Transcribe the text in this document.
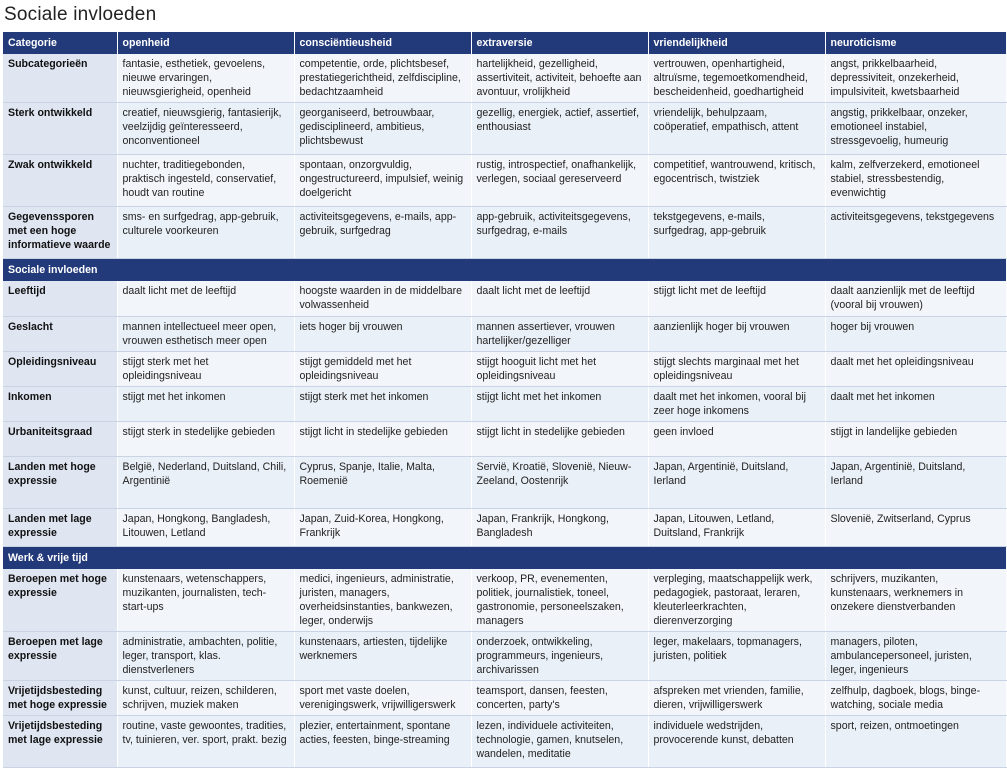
Sociale invloeden
Categorie	openheid	consciëntieusheid	extraversie	vriendelijkheid	neuroticisme
Subcategorieën	fantasie, esthetiek, gevoelens, nieuwe ervaringen, nieuwsgierigheid, openheid	competentie, orde, plichtsbesef, prestatiegerichtheid, zelfdiscipline, bedachtzaamheid	hartelijkheid, gezelligheid, assertiviteit, activiteit, behoefte aan avontuur, vrolijkheid	vertrouwen, openhartigheid, altruïsme, tegemoetkomendheid, bescheidenheid, goedhartigheid	angst, prikkelbaarheid, depressiviteit, onzekerheid, impulsiviteit, kwetsbaarheid
Sterk ontwikkeld	creatief, nieuwsgierig, fantasierijk, veelzijdig geïnteresseerd, onconventioneel	georganiseerd, betrouwbaar, gedisciplineerd, ambitieus, plichtsbewust	gezellig, energiek, actief, assertief, enthousiast	vriendelijk, behulpzaam, coöperatief, empathisch, attent	angstig, prikkelbaar, onzeker, emotioneel instabiel, stressgevoelig, humeurig
Zwak ontwikkeld	nuchter, traditiegebonden, praktisch ingesteld, conservatief, houdt van routine	spontaan, onzorgvuldig, ongestructureerd, impulsief, weinig doelgericht	rustig, introspectief, onafhankelijk, verlegen, sociaal gereserveerd	competitief, wantrouwend, kritisch, egocentrisch, twistziek	kalm, zelfverzekerd, emotioneel stabiel, stressbestendig, evenwichtig
Gegevenssporen met een hoge informatieve waarde	sms- en surfgedrag, app-gebruik, culturele voorkeuren	activiteitsgegevens, e-mails, app-gebruik, surfgedrag	app-gebruik, activiteitsgegevens, surfgedrag, e-mails	tekstgegevens, e-mails, surfgedrag, app-gebruik	activiteitsgegevens, tekstgegevens
Sociale invloeden					
Leeftijd	daalt licht met de leeftijd	hoogste waarden in de middelbare volwassenheid	daalt licht met de leeftijd	stijgt licht met de leeftijd	daalt aanzienlijk met de leeftijd (vooral bij vrouwen)
Geslacht	mannen intellectueel meer open, vrouwen esthetisch meer open	iets hoger bij vrouwen	mannen assertiever, vrouwen hartelijker/gezelliger	aanzienlijk hoger bij vrouwen	hoger bij vrouwen
Opleidingsniveau	stijgt sterk met het opleidingsniveau	stijgt gemiddeld met het opleidingsniveau	stijgt hooguit licht met het opleidingsniveau	stijgt slechts marginaal met het opleidingsniveau	daalt met het opleidingsniveau
Inkomen	stijgt met het inkomen	stijgt sterk met het inkomen	stijgt licht met het inkomen	daalt met het inkomen, vooral bij zeer hoge inkomens	daalt met het inkomen
Urbaniteitsgraad	stijgt sterk in stedelijke gebieden	stijgt licht in stedelijke gebieden	stijgt licht in stedelijke gebieden	geen invloed	stijgt in landelijke gebieden
Landen met hoge expressie	België, Nederland, Duitsland, Chili, Argentinië	Cyprus, Spanje, Italie, Malta, Roemenië	Servië, Kroatië, Slovenië, Nieuw-Zeeland, Oostenrijk	Japan, Argentinië, Duitsland, Ierland	Japan, Argentinië, Duitsland, Ierland
Landen met lage expressie	Japan, Hongkong, Bangladesh, Litouwen, Letland	Japan, Zuid-Korea, Hongkong, Frankrijk	Japan, Frankrijk, Hongkong, Bangladesh	Japan, Litouwen, Letland, Duitsland, Frankrijk	Slovenië, Zwitserland, Cyprus
Werk & vrije tijd					
Beroepen met hoge expressie	kunstenaars, wetenschappers, muzikanten, journalisten, tech-start-ups	medici, ingenieurs, administratie, juristen, managers, overheidsinstanties, bankwezen, leger, onderwijs	verkoop, PR, evenementen, politiek, journalistiek, toneel, gastronomie, personeelszaken, managers	verpleging, maatschappelijk werk, pedagogiek, pastoraat, leraren, kleuterleerkrachten, dierenverzorging	schrijvers, muzikanten, kunstenaars, werknemers in onzekere dienstverbanden
Beroepen met lage expressie	administratie, ambachten, politie, leger, transport, klas. dienstverleners	kunstenaars, artiesten, tijdelijke werknemers	onderzoek, ontwikkeling, programmeurs, ingenieurs, archivarissen	leger, makelaars, topmanagers, juristen, politiek	managers, piloten, ambulancepersoneel, juristen, leger, ingenieurs
Vrijetijdsbesteding met hoge expressie	kunst, cultuur, reizen, schilderen, schrijven, muziek maken	sport met vaste doelen, verenigingswerk, vrijwilligerswerk	teamsport, dansen, feesten, concerten, party's	afspreken met vrienden, familie, dieren, vrijwilligerswerk	zelfhulp, dagboek, blogs, binge-watching, sociale media
Vrijetijdsbesteding met lage expressie	routine, vaste gewoontes, tradities, tv, tuinieren, ver. sport, prakt. bezig	plezier, entertainment, spontane acties, feesten, binge-streaming	lezen, individuele activiteiten, technologie, gamen, knutselen, wandelen, meditatie	individuele wedstrijden, provocerende kunst, debatten	sport, reizen, ontmoetingen
